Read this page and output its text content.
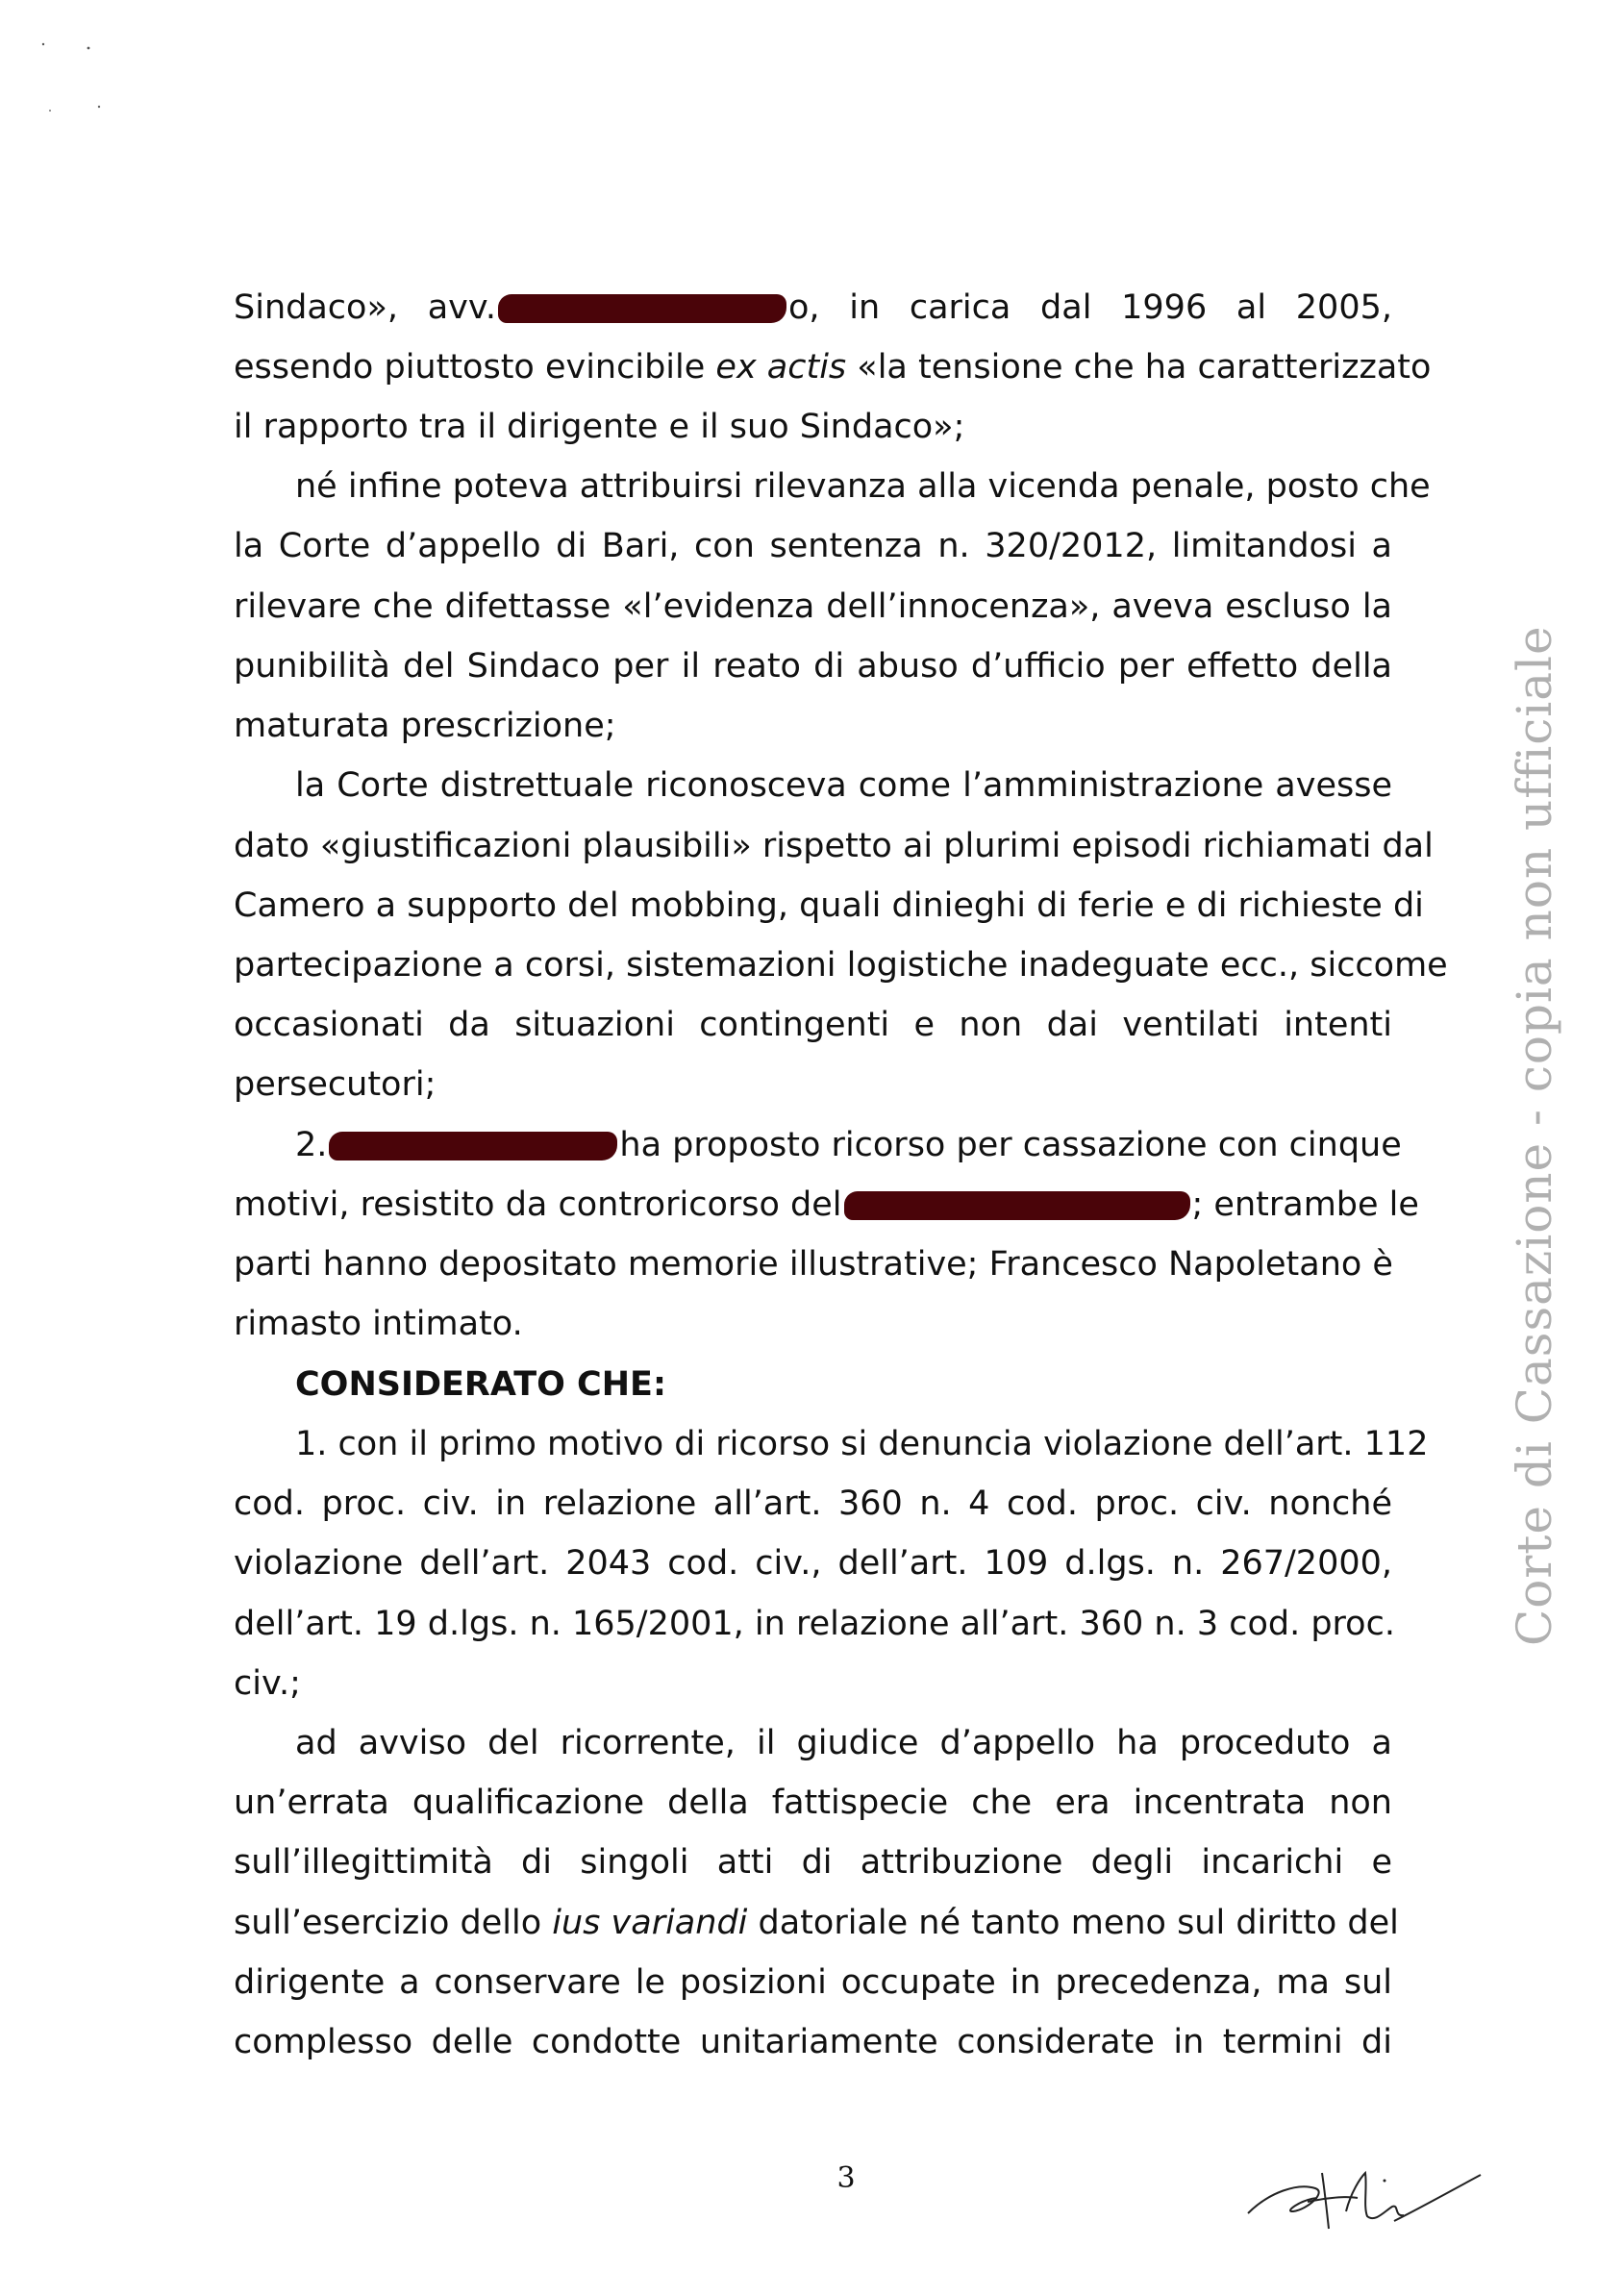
Sindaco», avv.	o, in carica dal 1996 al 2005,
essendo piuttosto evincibile ex actis «la tensione che ha caratterizzato
il rapporto tra il dirigente e il suo Sindaco»;
né infine poteva attribuirsi rilevanza alla vicenda penale, posto che
la Corte d’appello di Bari, con sentenza n. 320/2012, limitandosi a
rilevare che difettasse «l’evidenza dell’innocenza», aveva escluso la
punibilità del Sindaco per il reato di abuso d’ufficio per effetto della
maturata prescrizione;
la Corte distrettuale riconosceva come l’amministrazione avesse
dato «giustificazioni plausibili» rispetto ai plurimi episodi richiamati dal
Camero a supporto del mobbing, quali dinieghi di ferie e di richieste di
partecipazione a corsi, sistemazioni logistiche inadeguate ecc., siccome
occasionati da situazioni contingenti e non dai ventilati intenti
persecutori;
2.	ha proposto ricorso per cassazione con cinque
motivi, resistito da controricorso del	; entrambe le
parti hanno depositato memorie illustrative; Francesco Napoletano è
rimasto intimato.
CONSIDERATO CHE:
1. con il primo motivo di ricorso si denuncia violazione dell’art. 112
cod. proc. civ. in relazione all’art. 360 n. 4 cod. proc. civ. nonché
violazione dell’art. 2043 cod. civ., dell’art. 109 d.lgs. n. 267/2000,
dell’art. 19 d.lgs. n. 165/2001, in relazione all’art. 360 n. 3 cod. proc.
civ.;
ad avviso del ricorrente, il giudice d’appello ha proceduto a
un’errata qualificazione della fattispecie che era incentrata non
sull’illegittimità di singoli atti di attribuzione degli incarichi e
sull’esercizio dello ius variandi datoriale né tanto meno sul diritto del
dirigente a conservare le posizioni occupate in precedenza, ma sul
complesso delle condotte unitariamente considerate in termini di
Corte di Cassazione - copia non ufficiale
3
